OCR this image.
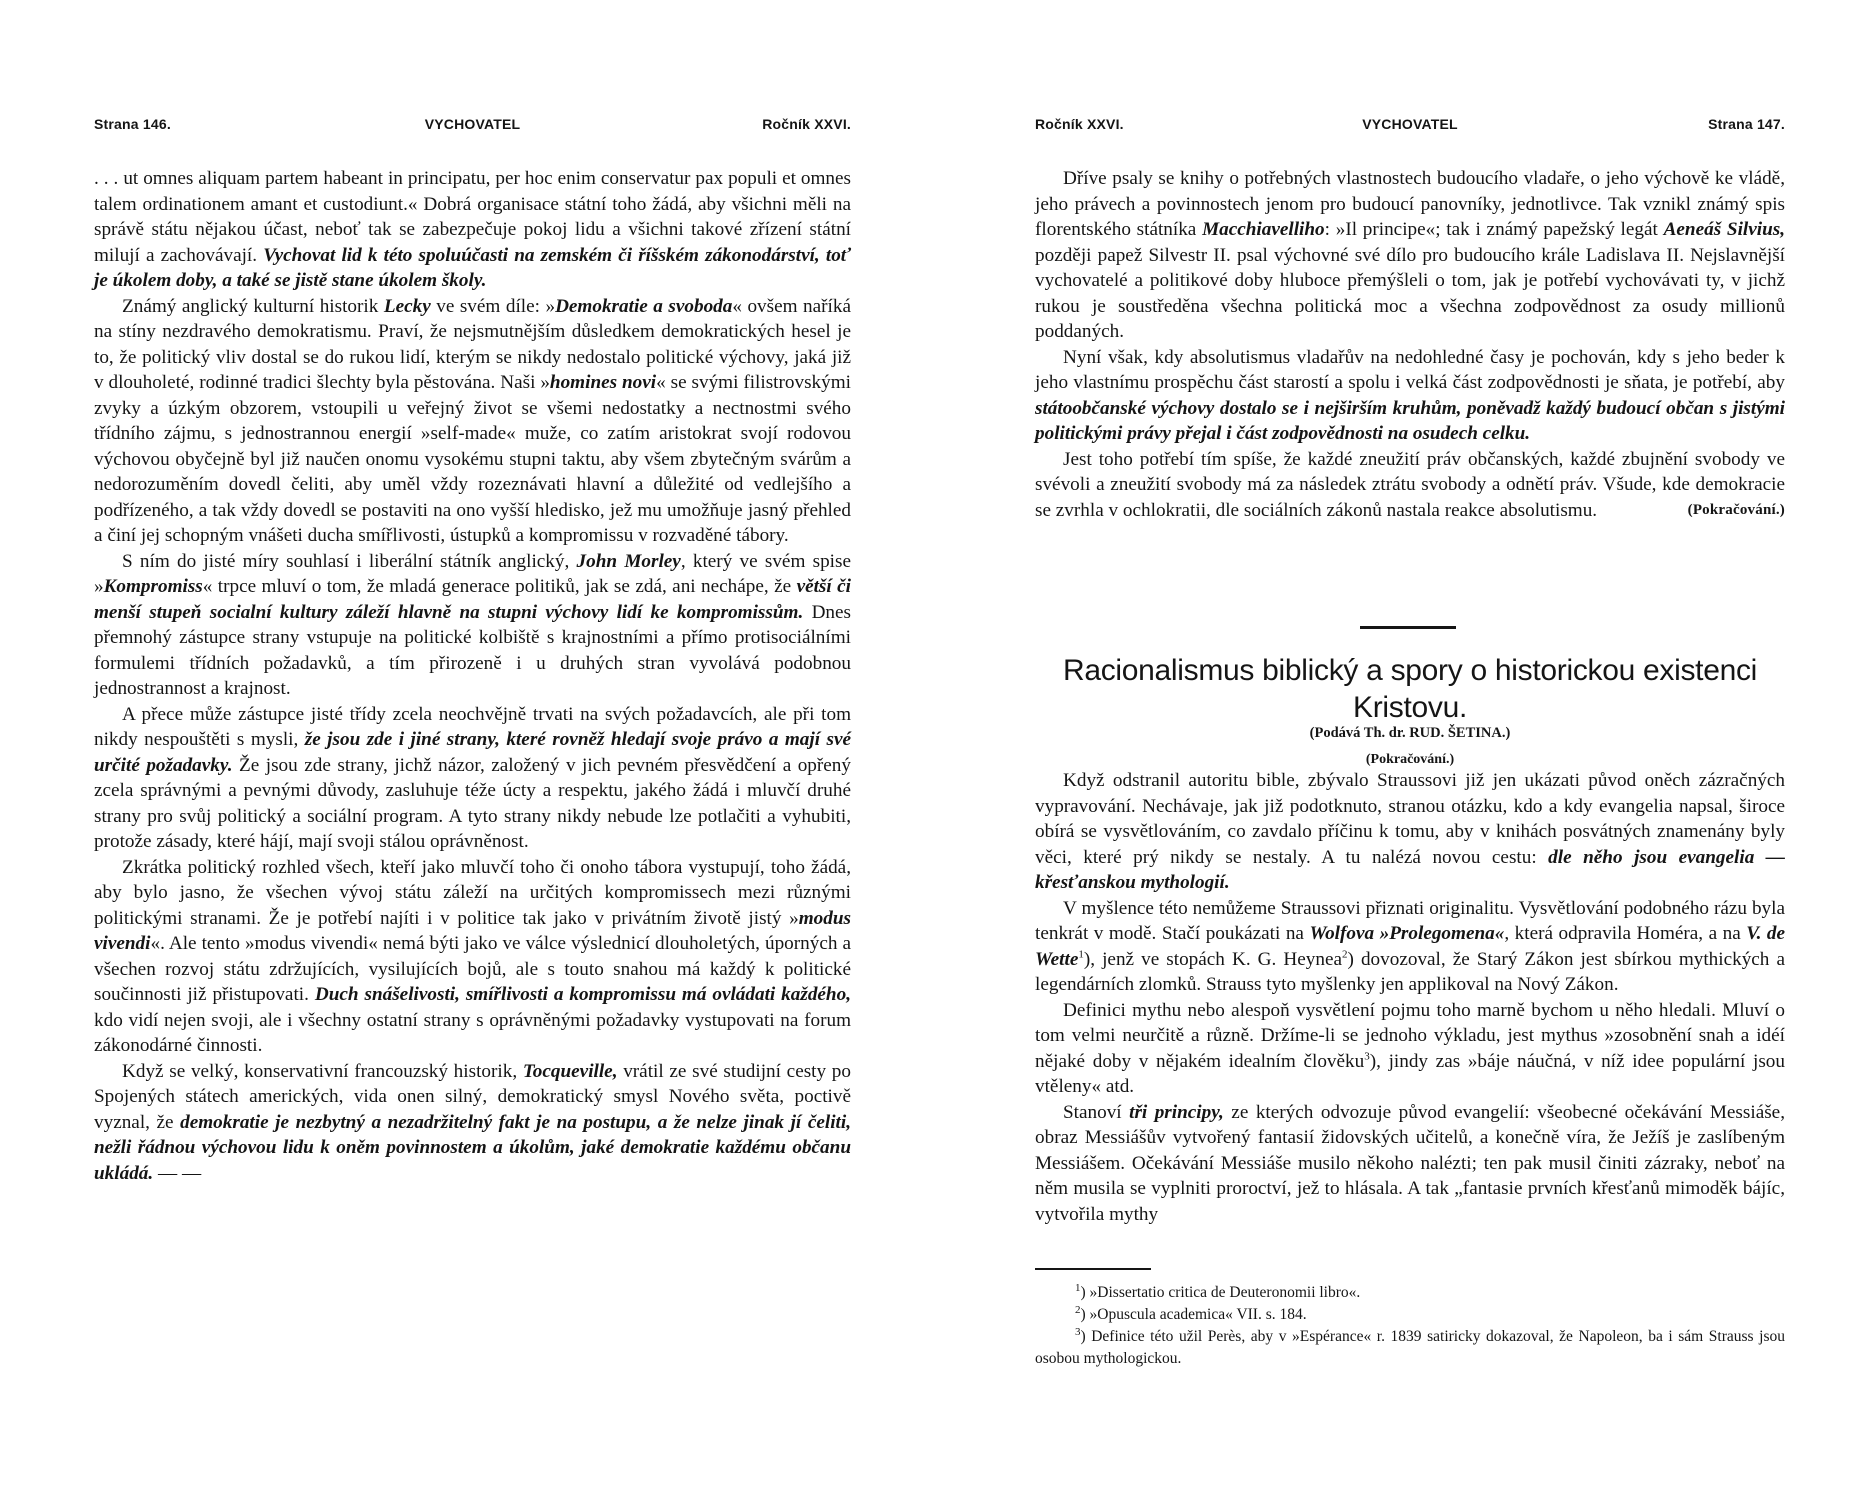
Strana 146.	VYCHOVATEL	Ročník XXVI.

. . . ut omnes aliquam partem habeant in principatu, per hoc enim conservatur pax populi et omnes talem ordinationem amant et custodiunt.« Dobrá organisace státní toho žádá, aby všichni měli na správě státu nějakou účast, neboť tak se zabezpečuje pokoj lidu a všichni takové zřízení státní milují a zachovávají. Vychovat lid k této spoluúčasti na zemském či říšském zákonodárství, toť je úkolem doby, a také se jistě stane úkolem školy.

Známý anglický kulturní historik Lecky ve svém díle: »Demokratie a svoboda« ovšem naříká na stíny nezdravého demokratismu. Praví, že nejsmutnějším důsledkem demokratických hesel je to, že politický vliv dostal se do rukou lidí, kterým se nikdy nedostalo politické výchovy, jaká již v dlouholeté, rodinné tradici šlechty byla pěstována. Naši »homines novi« se svými filistrovskými zvyky a úzkým obzorem, vstoupili u veřejný život se všemi nedostatky a nectnostmi svého třídního zájmu, s jednostrannou energií »self-made« muže, co zatím aristokrat svojí rodovou výchovou obyčejně byl již naučen onomu vysokému stupni taktu, aby všem zbytečným svárům a nedorozuměním dovedl čeliti, aby uměl vždy rozeznávati hlavní a důležité od vedlejšího a podřízeného, a tak vždy dovedl se postaviti na ono vyšší hledisko, jež mu umožňuje jasný přehled a činí jej schopným vnášeti ducha smířlivosti, ústupků a kompromissu v rozvaděné tábory.

S ním do jisté míry souhlasí i liberální státník anglický, John Morley, který ve svém spise »Kompromiss« trpce mluví o tom, že mladá generace politiků, jak se zdá, ani nechápe, že větší či menší stupeň socialní kultury záleží hlavně na stupni výchovy lidí ke kompromissům. Dnes přemnohý zástupce strany vstupuje na politické kolbiště s krajnostními a přímo protisociálními formulemi třídních požadavků, a tím přirozeně i u druhých stran vyvolává podobnou jednostrannost a krajnost.

A přece může zástupce jisté třídy zcela neochvějně trvati na svých požadavcích, ale při tom nikdy nespouštěti s mysli, že jsou zde i jiné strany, které rovněž hledají svoje právo a mají své určité požadavky. Že jsou zde strany, jichž názor, založený v jich pevném přesvědčení a opřený zcela správnými a pevnými důvody, zasluhuje téže úcty a respektu, jakého žádá i mluvčí druhé strany pro svůj politický a sociální program. A tyto strany nikdy nebude lze potlačiti a vyhubiti, protože zásady, které hájí, mají svoji stálou oprávněnost.

Zkrátka politický rozhled všech, kteří jako mluvčí toho či onoho tábora vystupují, toho žádá, aby bylo jasno, že všechen vývoj státu záleží na určitých kompromissech mezi různými politickými stranami. Že je potřebí najíti i v politice tak jako v privátním životě jistý »modus vivendi«. Ale tento »modus vivendi« nemá býti jako ve válce výslednicí dlouholetých, úporných a všechen rozvoj státu zdržujících, vysilujících bojů, ale s touto snahou má každý k politické součinnosti již přistupovati. Duch snášelivosti, smířlivosti a kompromissu má ovládati každého, kdo vidí nejen svoji, ale i všechny ostatní strany s oprávněnými požadavky vystupovati na forum zákonodárné činnosti.

Když se velký, konservativní francouzský historik, Tocqueville, vrátil ze své studijní cesty po Spojených státech amerických, vida onen silný, demokratický smysl Nového světa, poctivě vyznal, že demokratie je nezbytný a nezadržitelný fakt je na postupu, a že nelze jinak jí čeliti, nežli řádnou výchovou lidu k oněm povinnostem a úkolům, jaké demokratie každému občanu ukládá. — —

Ročník XXVI.	VYCHOVATEL	Strana 147.

Dříve psaly se knihy o potřebných vlastnostech budoucího vladaře, o jeho výchově ke vládě, jeho právech a povinnostech jenom pro budoucí panovníky, jednotlivce. Tak vznikl známý spis florentského státníka Macchiavelliho: »Il principe«; tak i známý papežský legát Aeneáš Silvius, později papež Silvestr II. psal výchovné své dílo pro budoucího krále Ladislava II. Nejslavnější vychovatelé a politikové doby hluboce přemýšleli o tom, jak je potřebí vychovávati ty, v jichž rukou je soustředěna všechna politická moc a všechna zodpovědnost za osudy millionů poddaných.

Nyní však, kdy absolutismus vladařův na nedohledné časy je pochován, kdy s jeho beder k jeho vlastnímu prospěchu část starostí a spolu i velká část zodpovědnosti je sňata, je potřebí, aby státoobčanské výchovy dostalo se i nejširším kruhům, poněvadž každý budoucí občan s jistými politickými právy přejal i část zodpovědnosti na osudech celku.

Jest toho potřebí tím spíše, že každé zneužití práv občanských, každé zbujnění svobody ve svévoli a zneužití svobody má za následek ztrátu svobody a odnětí práv. Všude, kde demokracie se zvrhla v ochlokratii, dle sociálních zákonů nastala reakce absolutismu.	(Pokračování.)

Racionalismus biblický a spory o historickou existenci Kristovu.
(Podává Th. dr. RUD. ŠETINA.)
(Pokračování.)

Když odstranil autoritu bible, zbývalo Straussovi již jen ukázati původ oněch zázračných vypravování. Nechávaje, jak již podotknuto, stranou otázku, kdo a kdy evangelia napsal, široce obírá se vysvětlováním, co zavdalo příčinu k tomu, aby v knihách posvátných znamenány byly věci, které prý nikdy se nestaly. A tu nalézá novou cestu: dle něho jsou evangelia — křesťanskou mythologií.

V myšlence této nemůžeme Straussovi přiznati originalitu. Vysvětlování podobného rázu byla tenkrát v modě. Stačí poukázati na Wolfova »Prolegomena«, která odpravila Homéra, a na V. de Wette$^1$), jenž ve stopách K. G. Heynea$^2$) dovozoval, že Starý Zákon jest sbírkou mythických a legendárních zlomků. Strauss tyto myšlenky jen applikoval na Nový Zákon.

Definici mythu nebo alespoň vysvětlení pojmu toho marně bychom u něho hledali. Mluví o tom velmi neurčitě a různě. Držíme-li se jednoho výkladu, jest mythus »zosobnění snah a idéí nějaké doby v nějakém idealním člověku$^3$), jindy zas »báje náučná, v níž idee populární jsou vtěleny« atd.

Stanoví tři principy, ze kterých odvozuje původ evangelií: všeobecné očekávání Messiáše, obraz Messiášův vytvořený fantasií židovských učitelů, a konečně víra, že Ježíš je zaslíbeným Messiášem. Očekávání Messiáše musilo někoho nalézti; ten pak musil činiti zázraky, neboť na něm musila se vyplniti proroctví, jež to hlásala. A tak „fantasie prvních křesťanů mimoděk bájíc, vytvořila mythy

$^1$) »Dissertatio critica de Deuteronomii libro«.

$^2$) »Opuscula academica« VII. s. 184.

$^3$) Definice této užil Perès, aby v »Espérance« r. 1839 satiricky dokazoval, že Napoleon, ba i sám Strauss jsou osobou mythologickou.
